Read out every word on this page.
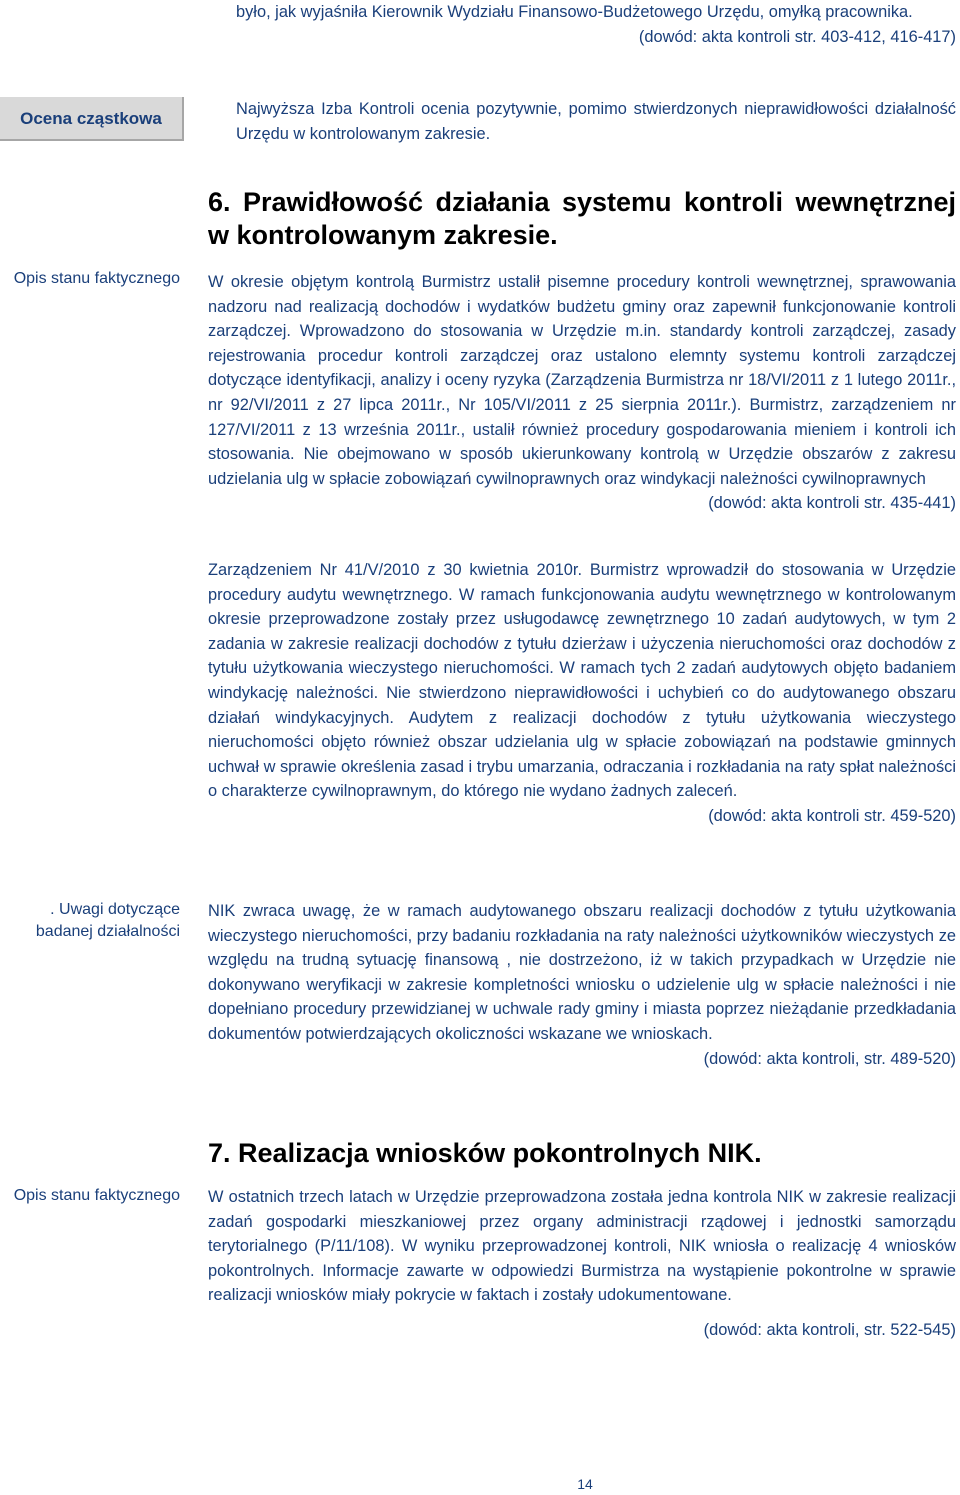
było, jak wyjaśniła Kierownik Wydziału Finansowo-Budżetowego Urzędu, omyłką pracownika.
(dowód: akta kontroli str. 403-412, 416-417)
Ocena cząstkowa	Najwyższa Izba Kontroli ocenia pozytywnie, pomimo stwierdzonych nieprawidłowości działalność Urzędu w kontrolowanym zakresie.
6. Prawidłowość działania systemu kontroli wewnętrznej w kontrolowanym zakresie.
Opis stanu faktycznego W okresie objętym kontrolą Burmistrz ustalił pisemne procedury kontroli wewnętrznej, sprawowania nadzoru nad realizacją dochodów i wydatków budżetu gminy oraz zapewnił funkcjonowanie kontroli zarządczej. Wprowadzono do stosowania w Urzędzie m.in. standardy kontroli zarządczej, zasady rejestrowania procedur kontroli zarządczej oraz ustalono elemnty systemu kontroli zarządczej dotyczące identyfikacji, analizy i oceny ryzyka (Zarządzenia Burmistrza nr 18/VI/2011 z 1 lutego 2011r., nr 92/VI/2011 z 27 lipca 2011r., Nr 105/VI/2011 z 25 sierpnia 2011r.). Burmistrz, zarządzeniem nr 127/VI/2011 z 13 września 2011r., ustalił również procedury gospodarowania mieniem i kontroli ich stosowania. Nie obejmowano w sposób ukierunkowany kontrolą w Urzędzie obszarów z zakresu udzielania ulg w spłacie zobowiązań cywilnoprawnych oraz windykacji należności cywilnoprawnych
(dowód: akta kontroli str. 435-441)
Zarządzeniem Nr 41/V/2010 z 30 kwietnia 2010r. Burmistrz wprowadził do stosowania w Urzędzie procedury audytu wewnętrznego. W ramach funkcjonowania audytu wewnętrznego w kontrolowanym okresie przeprowadzone zostały przez usługodawcę zewnętrznego 10 zadań audytowych, w tym 2 zadania w zakresie realizacji dochodów z tytułu dzierżaw i użyczenia nieruchomości oraz dochodów z tytułu użytkowania wieczystego nieruchomości. W ramach tych 2 zadań audytowych objęto badaniem windykację należności. Nie stwierdzono nieprawidłowości i uchybień co do audytowanego obszaru działań windykacyjnych. Audytem z realizacji dochodów z tytułu użytkowania wieczystego nieruchomości objęto również obszar udzielania ulg w spłacie zobowiązań na podstawie gminnych uchwał w sprawie określenia zasad i trybu umarzania, odraczania i rozkładania na raty spłat należności o charakterze cywilnoprawnym, do którego nie wydano żadnych zaleceń.
(dowód: akta kontroli str. 459-520)
. Uwagi dotyczące badanej działalności
NIK zwraca uwagę, że w ramach audytowanego obszaru realizacji dochodów z tytułu użytkowania wieczystego nieruchomości, przy badaniu rozkładania na raty należności użytkowników wieczystych ze względu na trudną sytuację finansową , nie dostrzeżono, iż w takich przypadkach w Urzędzie nie dokonywano weryfikacji w zakresie kompletności wniosku o udzielenie ulg w spłacie należności i nie dopełniano procedury przewidzianej w uchwale rady gminy i miasta poprzez nieżądanie przedkładania dokumentów potwierdzających okoliczności wskazane we wnioskach.
(dowód: akta kontroli, str. 489-520)
7. Realizacja wniosków pokontrolnych NIK.
Opis stanu faktycznego W ostatnich trzech latach w Urzędzie przeprowadzona została jedna kontrola NIK w zakresie realizacji zadań gospodarki mieszkaniowej przez organy administracji rządowej i jednostki samorządu terytorialnego (P/11/108). W wyniku przeprowadzonej kontroli, NIK wniosła o realizację 4 wniosków pokontrolnych. Informacje zawarte w odpowiedzi Burmistrza na wystąpienie pokontrolne w sprawie realizacji wniosków miały pokrycie w faktach i zostały udokumentowane.
(dowód: akta kontroli, str. 522-545)
14
